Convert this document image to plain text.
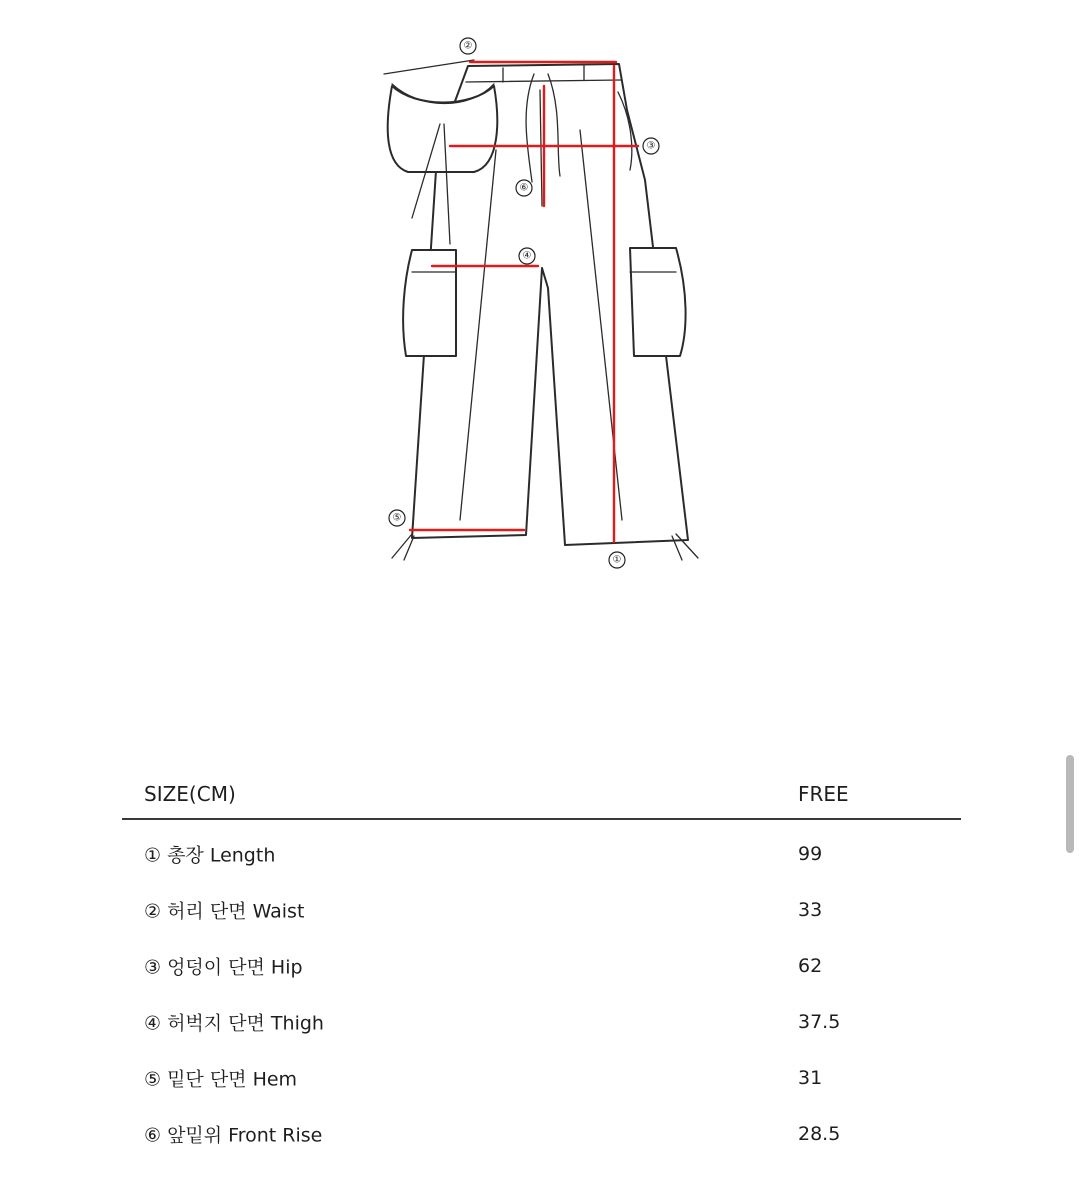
①
②
③
④
⑤
⑥
SIZE(CM)	FREE
① 총장 Length	99
② 허리 단면 Waist	33
③ 엉덩이 단면 Hip	62
④ 허벅지 단면 Thigh	37.5
⑤ 밑단 단면 Hem	31
⑥ 앞밑위 Front Rise	28.5
